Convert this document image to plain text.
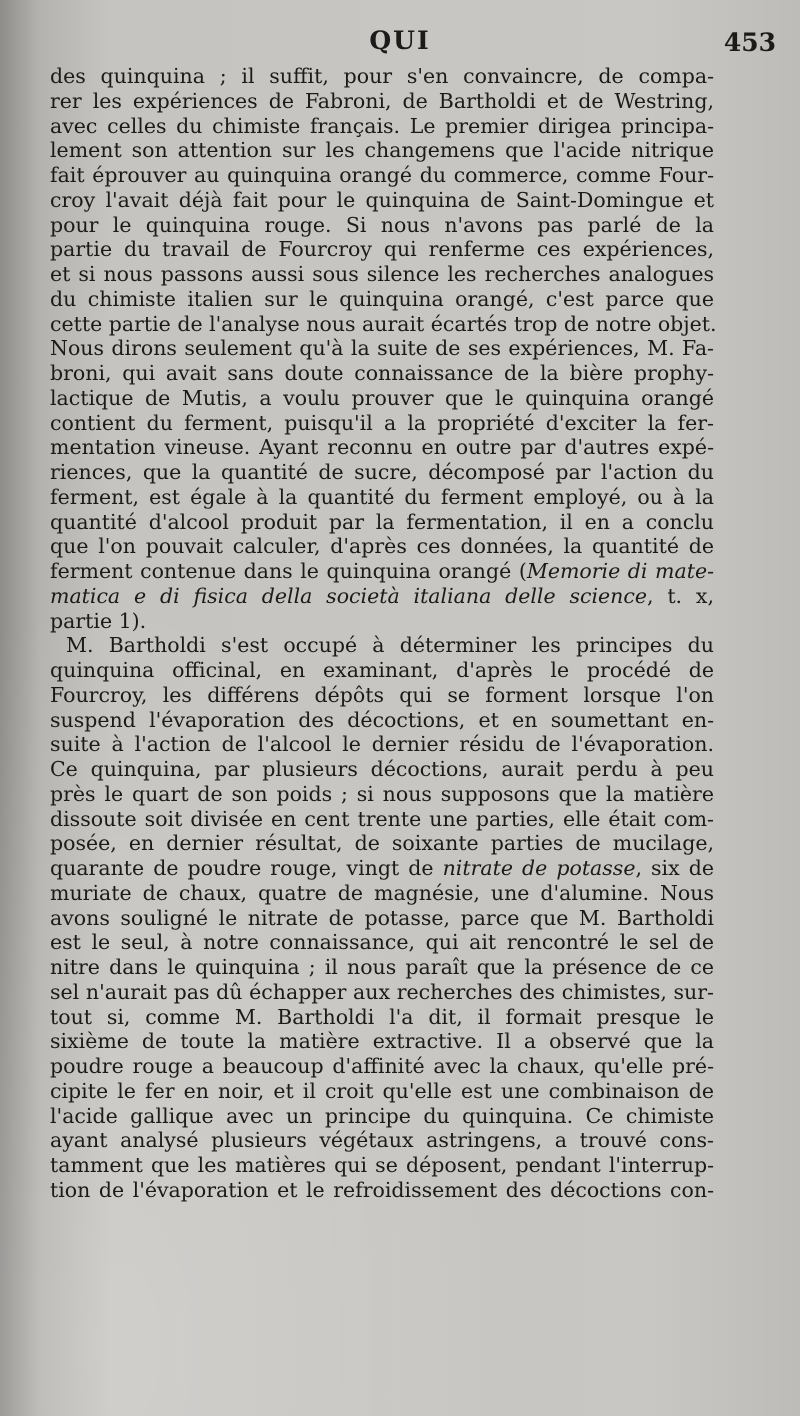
QUI	453
des quinquina ; il suffit, pour s'en convaincre, de compa-
rer les expériences de Fabroni, de Bartholdi et de Westring,
avec celles du chimiste français. Le premier dirigea principa-
lement son attention sur les changemens que l'acide nitrique
fait éprouver au quinquina orangé du commerce, comme Four-
croy l'avait déjà fait pour le quinquina de Saint-Domingue et
pour le quinquina rouge. Si nous n'avons pas parlé de la
partie du travail de Fourcroy qui renferme ces expériences,
et si nous passons aussi sous silence les recherches analogues
du chimiste italien sur le quinquina orangé, c'est parce que
cette partie de l'analyse nous aurait écartés trop de notre objet.
Nous dirons seulement qu'à la suite de ses expériences, M. Fa-
broni, qui avait sans doute connaissance de la bière prophy-
lactique de Mutis, a voulu prouver que le quinquina orangé
contient du ferment, puisqu'il a la propriété d'exciter la fer-
mentation vineuse. Ayant reconnu en outre par d'autres expé-
riences, que la quantité de sucre, décomposé par l'action du
ferment, est égale à la quantité du ferment employé, ou à la
quantité d'alcool produit par la fermentation, il en a conclu
que l'on pouvait calculer, d'après ces données, la quantité de
ferment contenue dans le quinquina orangé (Memorie di mate-
matica e di fisica della società italiana delle science, t. x,
partie 1).
M. Bartholdi s'est occupé à déterminer les principes du
quinquina officinal, en examinant, d'après le procédé de
Fourcroy, les différens dépôts qui se forment lorsque l'on
suspend l'évaporation des décoctions, et en soumettant en-
suite à l'action de l'alcool le dernier résidu de l'évaporation.
Ce quinquina, par plusieurs décoctions, aurait perdu à peu
près le quart de son poids ; si nous supposons que la matière
dissoute soit divisée en cent trente une parties, elle était com-
posée, en dernier résultat, de soixante parties de mucilage,
quarante de poudre rouge, vingt de nitrate de potasse, six de
muriate de chaux, quatre de magnésie, une d'alumine. Nous
avons souligné le nitrate de potasse, parce que M. Bartholdi
est le seul, à notre connaissance, qui ait rencontré le sel de
nitre dans le quinquina ; il nous paraît que la présence de ce
sel n'aurait pas dû échapper aux recherches des chimistes, sur-
tout si, comme M. Bartholdi l'a dit, il formait presque le
sixième de toute la matière extractive. Il a observé que la
poudre rouge a beaucoup d'affinité avec la chaux, qu'elle pré-
cipite le fer en noir, et il croit qu'elle est une combinaison de
l'acide gallique avec un principe du quinquina. Ce chimiste
ayant analysé plusieurs végétaux astringens, a trouvé cons-
tamment que les matières qui se déposent, pendant l'interrup-
tion de l'évaporation et le refroidissement des décoctions con-
